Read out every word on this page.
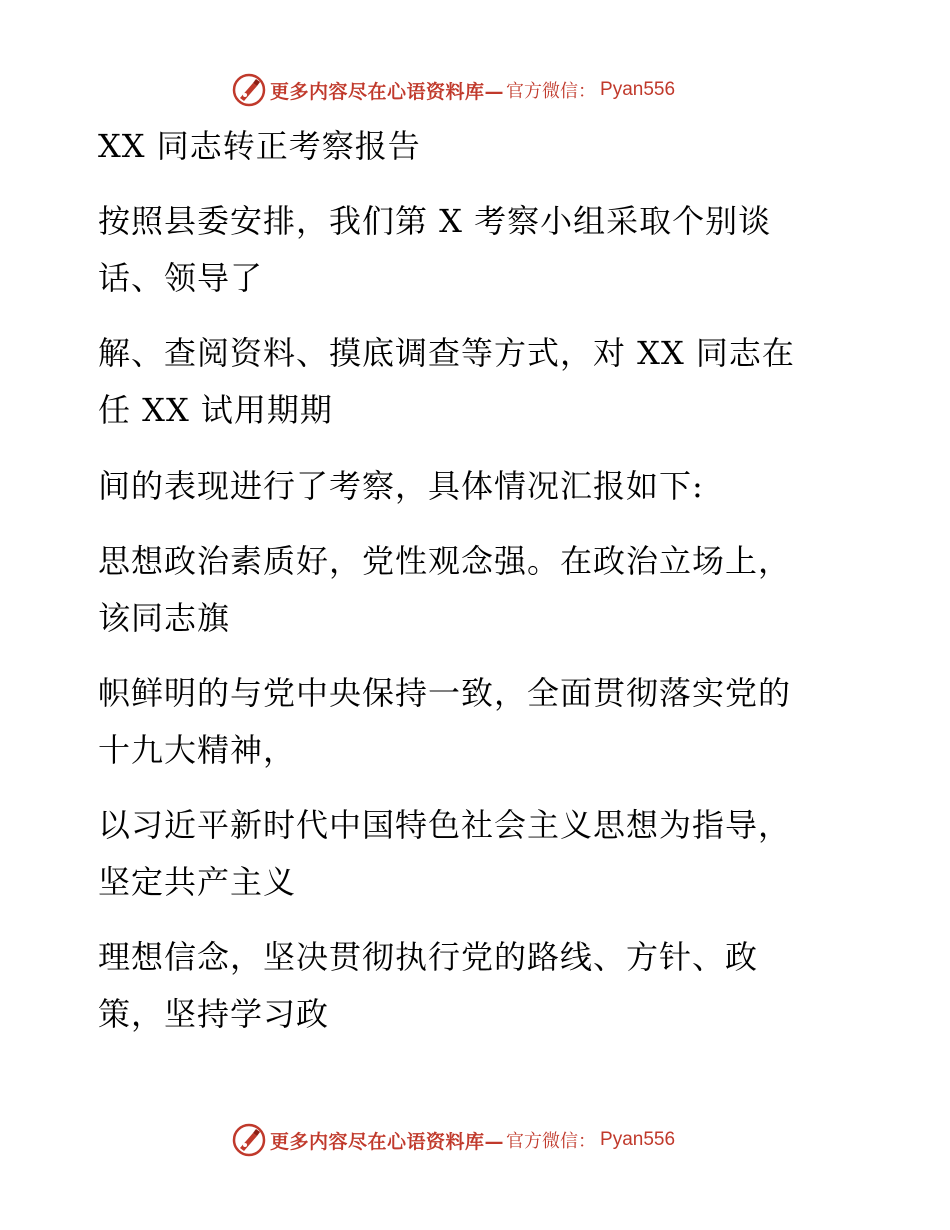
更多内容尽在心语资料库— 官方微信： Pyan556
XX 同志转正考察报告
按照县委安排，我们第 X 考察小组采取个别谈
话、领导了
解、查阅资料、摸底调查等方式，对 XX 同志在
任 XX 试用期期
间的表现进行了考察，具体情况汇报如下:
思想政治素质好，党性观念强。在政治立场上，
该同志旗
帜鲜明的与党中央保持一致，全面贯彻落实党的
十九大精神，
以习近平新时代中国特色社会主义思想为指导，
坚定共产主义
理想信念，坚决贯彻执行党的路线、方针、政
策，坚持学习政
更多内容尽在心语资料库— 官方微信： Pyan556
